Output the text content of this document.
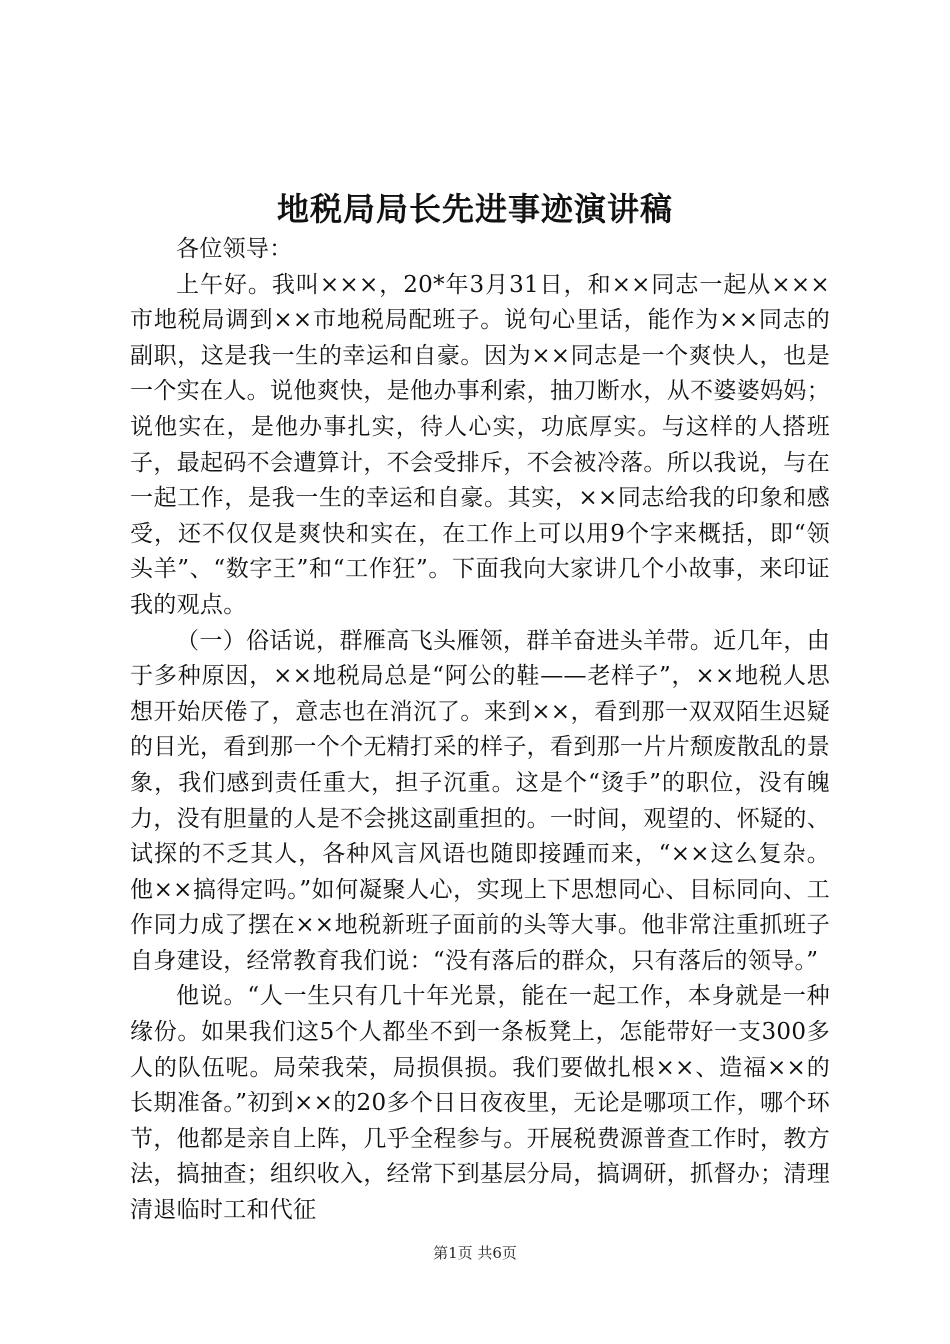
地税局局长先进事迹演讲稿

各位领导：

上午好。我叫×××，20*年3月31日，和××同志一起从×××市地税局调到××市地税局配班子。说句心里话，能作为××同志的副职，这是我一生的幸运和自豪。因为××同志是一个爽快人，也是一个实在人。说他爽快，是他办事利索，抽刀断水，从不婆婆妈妈；说他实在，是他办事扎实，待人心实，功底厚实。与这样的人搭班子，最起码不会遭算计，不会受排斥，不会被冷落。所以我说，与在一起工作，是我一生的幸运和自豪。其实，××同志给我的印象和感受，还不仅仅是爽快和实在，在工作上可以用9个字来概括，即“领头羊”、“数字王”和“工作狂”。下面我向大家讲几个小故事，来印证我的观点。

（一）俗话说，群雁高飞头雁领，群羊奋进头羊带。近几年，由于多种原因，××地税局总是“阿公的鞋——老样子”，××地税人思想开始厌倦了，意志也在消沉了。来到××，看到那一双双陌生迟疑的目光，看到那一个个无精打采的样子，看到那一片片颓废散乱的景象，我们感到责任重大，担子沉重。这是个“烫手”的职位，没有魄力，没有胆量的人是不会挑这副重担的。一时间，观望的、怀疑的、试探的不乏其人，各种风言风语也随即接踵而来，“××这么复杂。他××搞得定吗。”如何凝聚人心，实现上下思想同心、目标同向、工作同力成了摆在××地税新班子面前的头等大事。他非常注重抓班子自身建设，经常教育我们说：“没有落后的群众，只有落后的领导。”

他说。“人一生只有几十年光景，能在一起工作，本身就是一种缘份。如果我们这5个人都坐不到一条板凳上，怎能带好一支300多人的队伍呢。局荣我荣，局损俱损。我们要做扎根××、造福××的长期准备。”初到××的20多个日日夜夜里，无论是哪项工作，哪个环节，他都是亲自上阵，几乎全程参与。开展税费源普查工作时，教方法，搞抽查；组织收入，经常下到基层分局，搞调研，抓督办；清理清退临时工和代征

第1页 共6页
